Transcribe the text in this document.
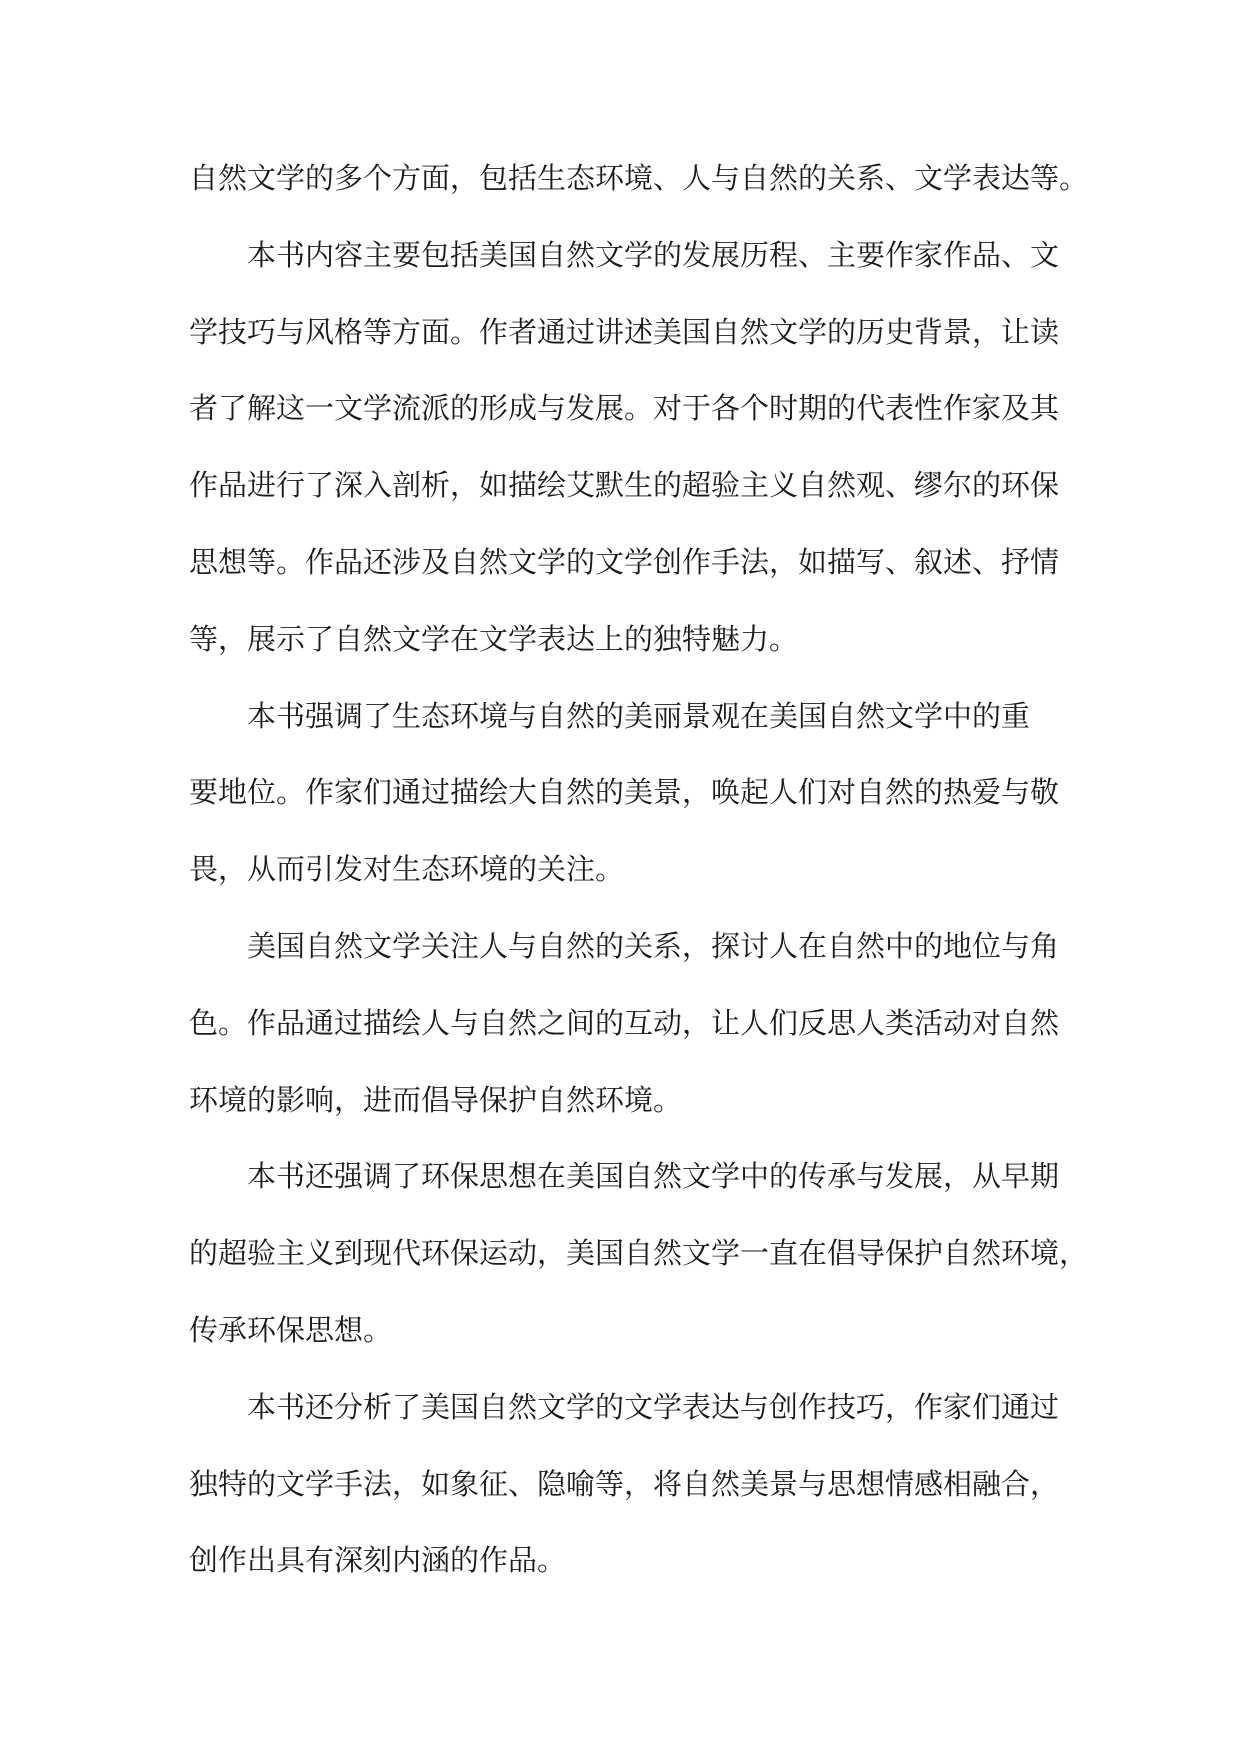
自然文学的多个方面，包括生态环境、人与自然的关系、文学表达等。
本书内容主要包括美国自然文学的发展历程、主要作家作品、文
学技巧与风格等方面。作者通过讲述美国自然文学的历史背景，让读
者了解这一文学流派的形成与发展。对于各个时期的代表性作家及其
作品进行了深入剖析，如描绘艾默生的超验主义自然观、缪尔的环保
思想等。作品还涉及自然文学的文学创作手法，如描写、叙述、抒情
等，展示了自然文学在文学表达上的独特魅力。
本书强调了生态环境与自然的美丽景观在美国自然文学中的重
要地位。作家们通过描绘大自然的美景，唤起人们对自然的热爱与敬
畏，从而引发对生态环境的关注。
美国自然文学关注人与自然的关系，探讨人在自然中的地位与角
色。作品通过描绘人与自然之间的互动，让人们反思人类活动对自然
环境的影响，进而倡导保护自然环境。
本书还强调了环保思想在美国自然文学中的传承与发展，从早期
的超验主义到现代环保运动，美国自然文学一直在倡导保护自然环境，
传承环保思想。
本书还分析了美国自然文学的文学表达与创作技巧，作家们通过
独特的文学手法，如象征、隐喻等，将自然美景与思想情感相融合，
创作出具有深刻内涵的作品。
